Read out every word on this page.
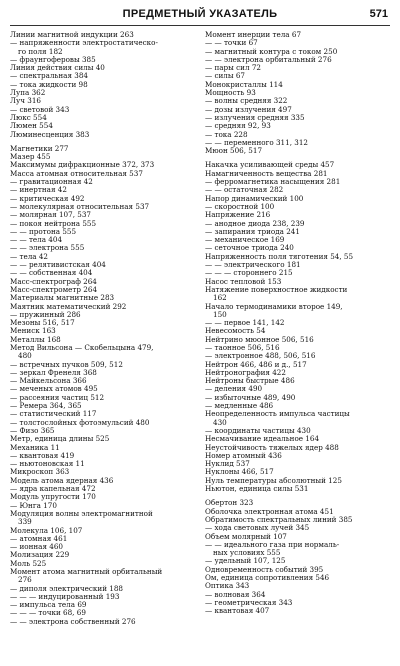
ПРЕДМЕТНЫЙ УКАЗАТЕЛЬ	571
Линии магнитной индукции 263
— напряженности электростатическо-
го поля 182
— фраунгоферовы 385
Линия действия силы 40
— спектральная 384
— тока жидкости 98
Лупа 362
Луч 316
— световой 343
Люкс 554
Люмен 554
Люминесценция 383
Магнетики 277
Мазер 455
Максимумы дифракционные 372, 373
Масса атомная относительная 537
— гравитационная 42
— инертная 42
— критическая 492
— молекулярная относительная 537
— молярная 107, 537
— покоя нейтрона 555
— — протона 555
— — тела 404
— — электрона 555
— тела 42
— — релятивистская 404
— — собственная 404
Масс-спектрограф 264
Масс-спектрометр 264
Материалы магнитные 283
Маятник математический 292
— пружинный 286
Мезоны 516, 517
Мениск 163
Металлы 168
Метод Вильсона — Скобельцына 479,
480
— встречных пучков 509, 512
— зеркал Френеля 368
— Майкельсона 366
— меченых атомов 495
— рассеяния частиц 512
— Ремера 364, 365
— статистический 117
— толстослойных фотоэмульсий 480
— Физо 365
Метр, единица длины 525
Механика 11
— квантовая 419
— ньютоновская 11
Микроскоп 363
Модель атома ядерная 436
— ядра капельная 472
Модуль упругости 170
— Юнга 170
Модуляция волны электромагнитной
339
Молекула 106, 107
— атомная 461
— ионная 460
Молизация 229
Моль 525
Момент атома магнитный орбитальный
276
— диполя электрический 188
— — — индуцированный 193
— импульса тела 69
— — — точки 68, 69
— — электрона собственный 276
Момент инерции тела 67
— — точки 67
— магнитный контура с током 250
— — электрона орбитальный 276
— пары сил 72
— силы 67
Монокристаллы 114
Мощность 93
— волны средняя 322
— дозы излучения 497
— излучения средняя 335
— средняя 92, 93
— тока 228
— — переменного 311, 312
Мюон 506, 517
Накачка усиливающей среды 457
Намагниченность вещества 281
— ферромагнетика насыщения 281
— — остаточная 282
Напор динамический 100
— скоростной 100
Напряжение 216
— анодное диода 238, 239
— запирания триода 241
— механическое 169
— сеточное триода 240
Напряженность поля тяготения 54, 55
— — электрического 181
— — — стороннего 215
Насос тепловой 153
Натяжение поверхностное жидкости
162
Начало термодинамики второе 149,
150
— — первое 141, 142
Невесомость 54
Нейтрино мюонное 506, 516
— таонное 506, 516
— электронное 488, 506, 516
Нейтрон 466, 486 и д., 517
Нейтронография 422
Нейтроны быстрые 486
— деления 490
— избыточные 489, 490
— медленные 486
Неопределенность импульса частицы
430
— координаты частицы 430
Несмачивание идеальное 164
Неустойчивость тяжелых ядер 488
Номер атомный 436
Нуклид 537
Нуклоны 466, 517
Нуль температуры абсолютный 125
Ньютон, единица силы 531
Обертон 323
Оболочка электронная атома 451
Обратимость спектральных линий 385
— хода световых лучей 345
Объем молярный 107
— — идеального газа при нормаль-
ных условиях 555
— удельный 107, 125
Одновременность событий 395
Ом, единица сопротивления 546
Оптика 343
— волновая 364
— геометрическая 343
— квантовая 407
